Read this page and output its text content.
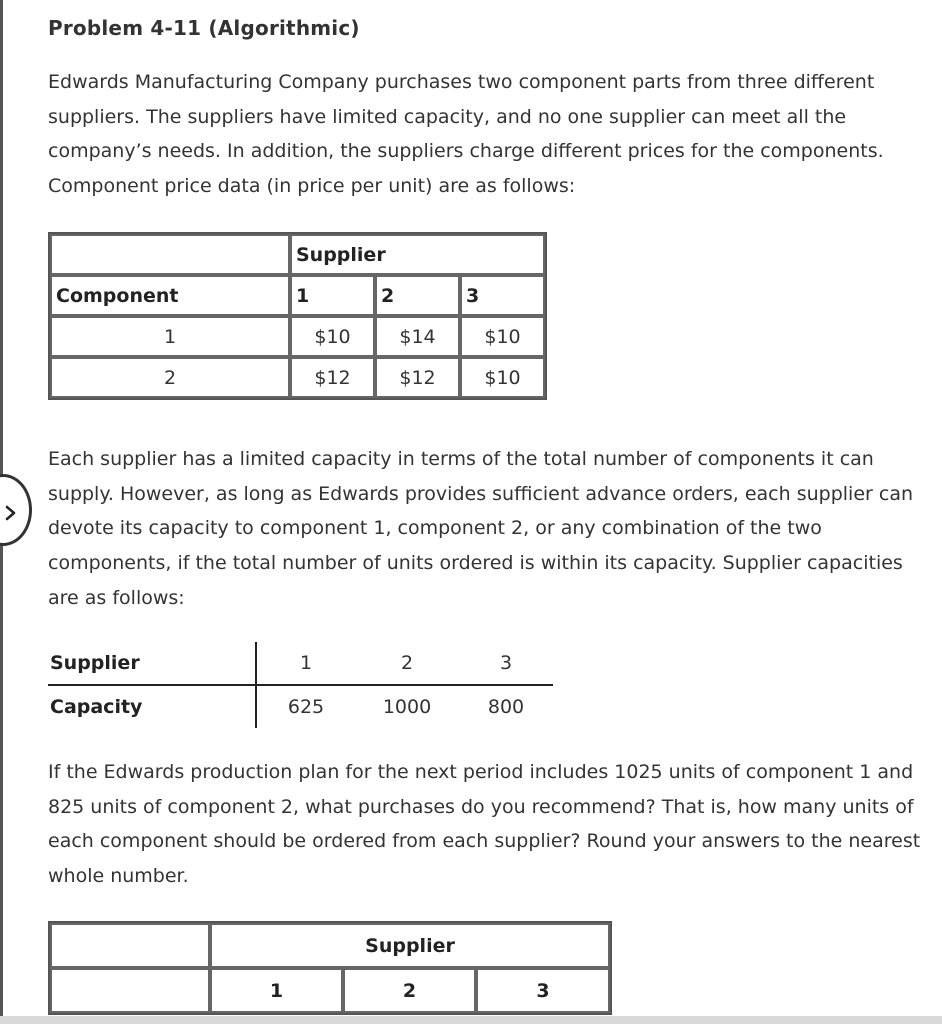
Problem 4-11 (Algorithmic)

Edwards Manufacturing Company purchases two component parts from three different suppliers. The suppliers have limited capacity, and no one supplier can meet all the company’s needs. In addition, the suppliers charge different prices for the components. Component price data (in price per unit) are as follows:

	Supplier		
Component	1	2	3
1	$10	$14	$10
2	$12	$12	$10

Each supplier has a limited capacity in terms of the total number of components it can supply. However, as long as Edwards provides sufficient advance orders, each supplier can devote its capacity to component 1, component 2, or any combination of the two components, if the total number of units ordered is within its capacity. Supplier capacities are as follows:

Supplier	1	2	3
Capacity	625	1000	800

If the Edwards production plan for the next period includes 1025 units of component 1 and 825 units of component 2, what purchases do you recommend? That is, how many units of each component should be ordered from each supplier? Round your answers to the nearest whole number.

	Supplier		
	1	2	3
